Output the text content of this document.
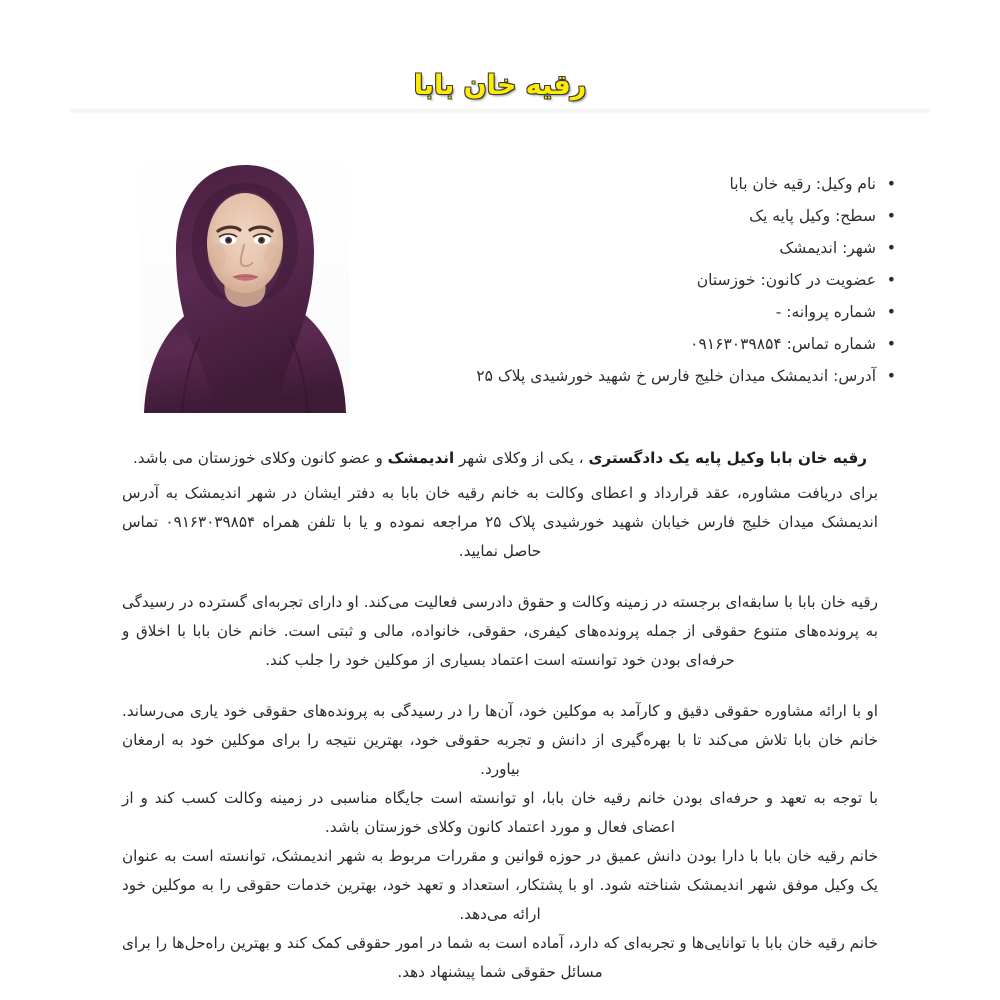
رقیه خان بابا
• نام وکیل: رقیه خان بابا
• سطح: وکیل پایه یک
• شهر: اندیمشک
• عضویت در کانون: خوزستان
• شماره پروانه: -
• شماره تماس: ۰۹۱۶۳۰۳۹۸۵۴
• آدرس: اندیمشک میدان خلیج فارس خ شهید خورشیدی پلاک ۲۵

رقیه خان بابا وکیل پایه یک دادگستری ، یکی از وکلای شهر اندیمشک و عضو کانون وکلای خوزستان می باشد.

برای دریافت مشاوره، عقد قرارداد و اعطای وکالت به خانم رقیه خان بابا به دفتر ایشان در شهر اندیمشک به آدرس اندیمشک میدان خلیج فارس خیابان شهید خورشیدی پلاک ۲۵ مراجعه نموده و یا با تلفن همراه ۰۹۱۶۳۰۳۹۸۵۴ تماس حاصل نمایید.

رقیه خان بابا با سابقه‌ای برجسته در زمینه وکالت و حقوق دادرسی فعالیت می‌کند. او دارای تجربه‌ای گسترده در رسیدگی به پرونده‌های متنوع حقوقی از جمله پرونده‌های کیفری، حقوقی، خانواده، مالی و ثبتی است. خانم خان بابا با اخلاق و حرفه‌ای بودن خود توانسته است اعتماد بسیاری از موکلین خود را جلب کند.

او با ارائه مشاوره حقوقی دقیق و کارآمد به موکلین خود، آن‌ها را در رسیدگی به پرونده‌های حقوقی خود یاری می‌رساند. خانم خان بابا تلاش می‌کند تا با بهره‌گیری از دانش و تجربه حقوقی خود، بهترین نتیجه را برای موکلین خود به ارمغان بیاورد.

با توجه به تعهد و حرفه‌ای بودن خانم رقیه خان بابا، او توانسته است جایگاه مناسبی در زمینه وکالت کسب کند و از اعضای فعال و مورد اعتماد کانون وکلای خوزستان باشد.

خانم رقیه خان بابا با دارا بودن دانش عمیق در حوزه قوانین و مقررات مربوط به شهر اندیمشک، توانسته است به عنوان یک وکیل موفق شهر اندیمشک شناخته شود. او با پشتکار، استعداد و تعهد خود، بهترین خدمات حقوقی را به موکلین خود ارائه می‌دهد.

خانم رقیه خان بابا با توانایی‌ها و تجربه‌ای که دارد، آماده است به شما در امور حقوقی کمک کند و بهترین راه‌حل‌ها را برای مسائل حقوقی شما پیشنهاد دهد.
